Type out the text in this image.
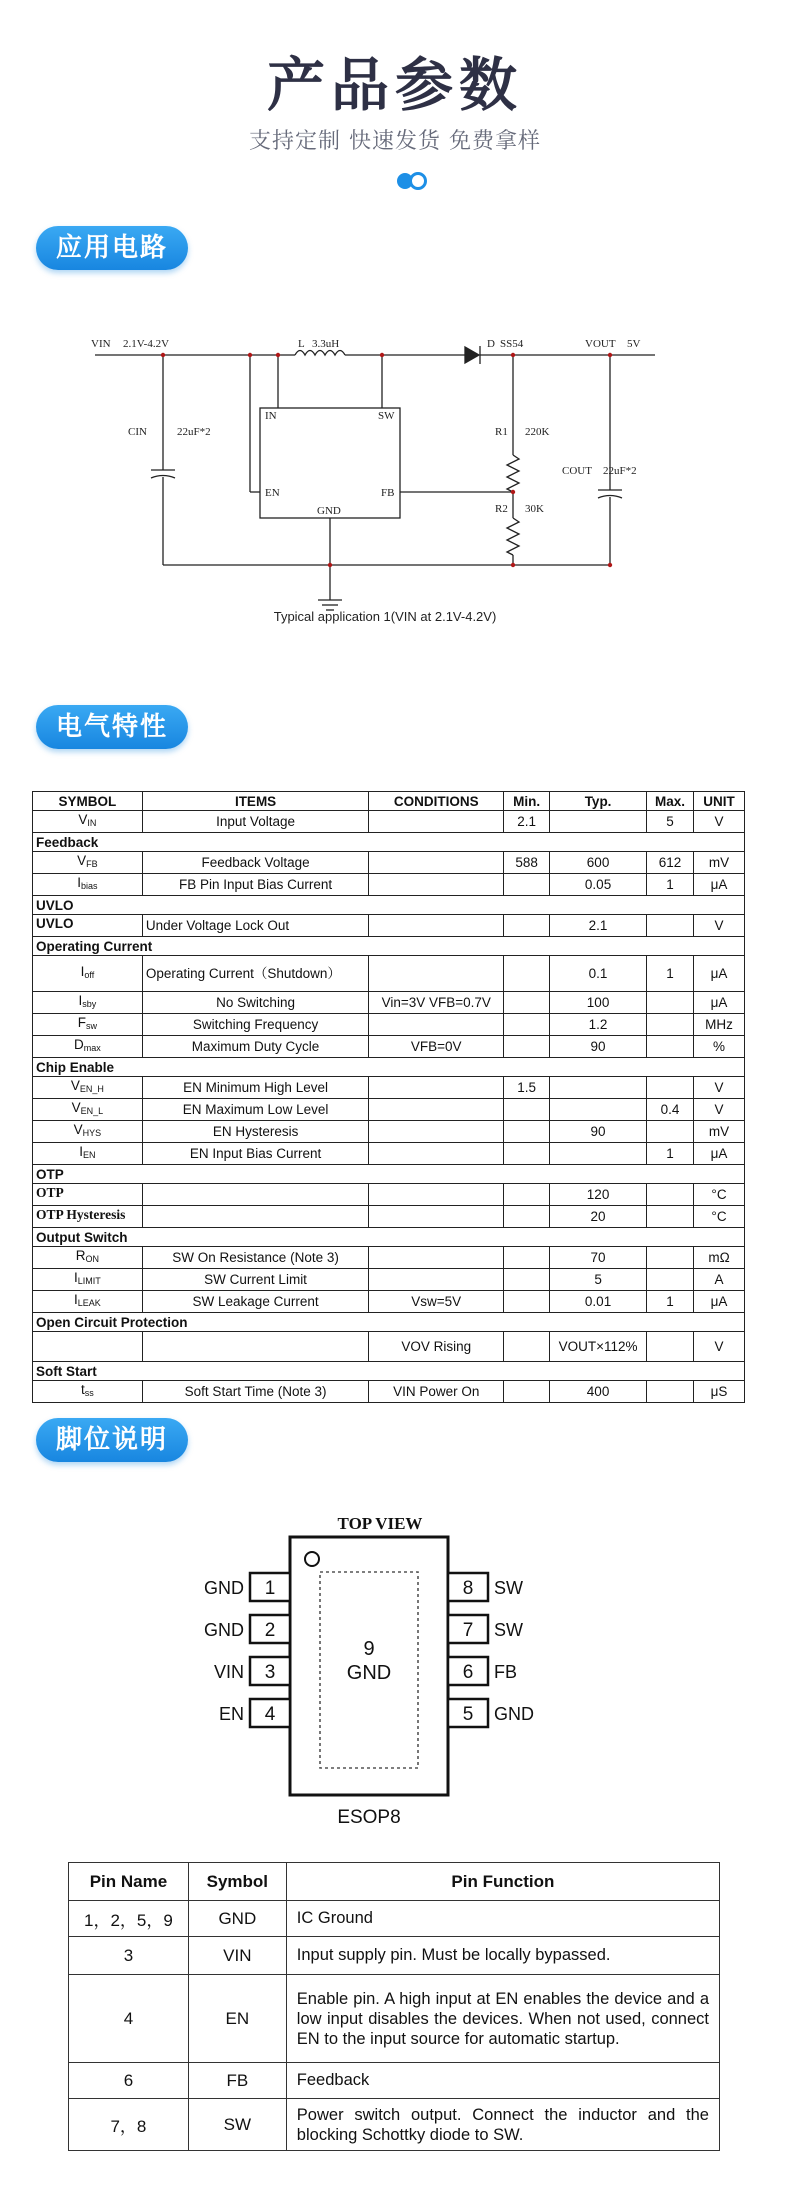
产品参数
支持定制 快速发货 免费拿样
应用电路
VIN 2.1V-4.2V	L 3.3uH	D SS54	VOUT 5V
CIN	22uF*2
IN	SW
EN	FB
GND
R1 220K
R2 30K
COUT 22uF*2
Typical application 1(VIN at 2.1V-4.2V)
电气特性
SYMBOL	ITEMS	CONDITIONS	Min.	Typ.	Max.	UNIT
$V_{IN}$	Input Voltage		2.1		5	V
Feedback						
$V_{FB}$	Feedback Voltage		588	600	612	mV
$I_{bias}$	FB Pin Input Bias Current			0.05	1	μA
UVLO						
UVLO	Under Voltage Lock Out			2.1		V
Operating Current						
$I_{off}$	Operating Current（Shutdown）			0.1	1	μA
$I_{sby}$	No Switching	Vin=3V VFB=0.7V		100		μA
$F_{sw}$	Switching Frequency			1.2		MHz
$D_{max}$	Maximum Duty Cycle	VFB=0V		90		%
Chip Enable						
$V_{EN\_H}$	EN Minimum High Level		1.5			V
$V_{EN\_L}$	EN Maximum Low Level				0.4	V
$V_{HYS}$	EN Hysteresis			90		mV
$I_{EN}$	EN Input Bias Current				1	μA
OTP						
OTP				120		°C
OTP Hysteresis				20		°C
Output Switch						
$R_{ON}$	SW On Resistance (Note 3)			70		mΩ
$I_{LIMIT}$	SW Current Limit			5		A
$I_{LEAK}$	SW Leakage Current	Vsw=5V		0.01	1	μA
Open Circuit Protection						
		VOV Rising		VOUT×112%		V
Soft Start						
$t_{ss}$	Soft Start Time (Note 3)	VIN Power On		400		μS
脚位说明
TOP VIEW
9
GND
1
GND
2
GND
3
VIN
4
EN
8 SW
7 SW
6 FB
5 GND
ESOP8
Pin Name	Symbol	Pin Function
1，2，5，9	GND	IC Ground
3	VIN	Input supply pin. Must be locally bypassed.
4	EN	Enable pin. A high input at EN enables the device and a low input disables the devices. When not used, connect EN to the input source for automatic startup.
6	FB	Feedback
7，8	SW	Power switch output. Connect the inductor and the blocking Schottky diode to SW.
